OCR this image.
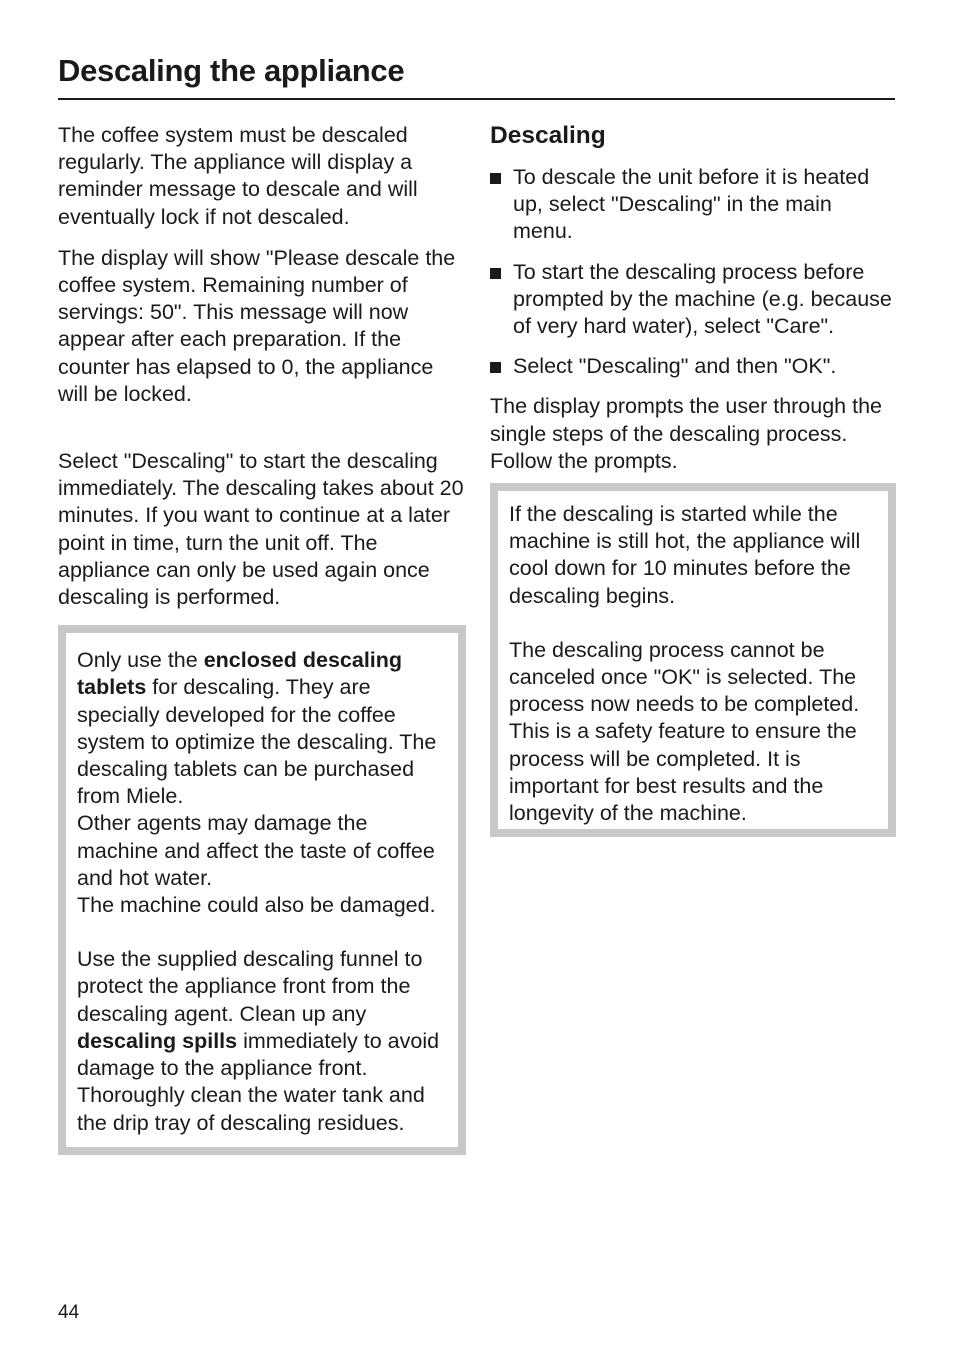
Descaling the appliance

The coffee system must be descaled regularly. The appliance will display a reminder message to descale and will eventually lock if not descaled.

The display will show "Please descale the coffee system. Remaining number of servings: 50". This message will now appear after each preparation. If the counter has elapsed to 0, the appliance will be locked.

Select "Descaling" to start the descaling immediately. The descaling takes about 20 minutes. If you want to continue at a later point in time, turn the unit off. The appliance can only be used again once descaling is performed.

Only use the enclosed descaling tablets for descaling. They are specially developed for the coffee system to optimize the descaling. The descaling tablets can be purchased from Miele.
Other agents may damage the machine and affect the taste of coffee and hot water.
The machine could also be damaged.
Use the supplied descaling funnel to protect the appliance front from the descaling agent. Clean up any descaling spills immediately to avoid damage to the appliance front. Thoroughly clean the water tank and the drip tray of descaling residues.
Descaling
To descale the unit before it is heated up, select "Descaling" in the main menu.
To start the descaling process before prompted by the machine (e.g. because of very hard water), select "Care".
Select "Descaling" and then "OK".

The display prompts the user through the single steps of the descaling process. Follow the prompts.

If the descaling is started while the machine is still hot, the appliance will cool down for 10 minutes before the descaling begins.
The descaling process cannot be canceled once "OK" is selected. The process now needs to be completed. This is a safety feature to ensure the process will be completed. It is important for best results and the longevity of the machine.
44
